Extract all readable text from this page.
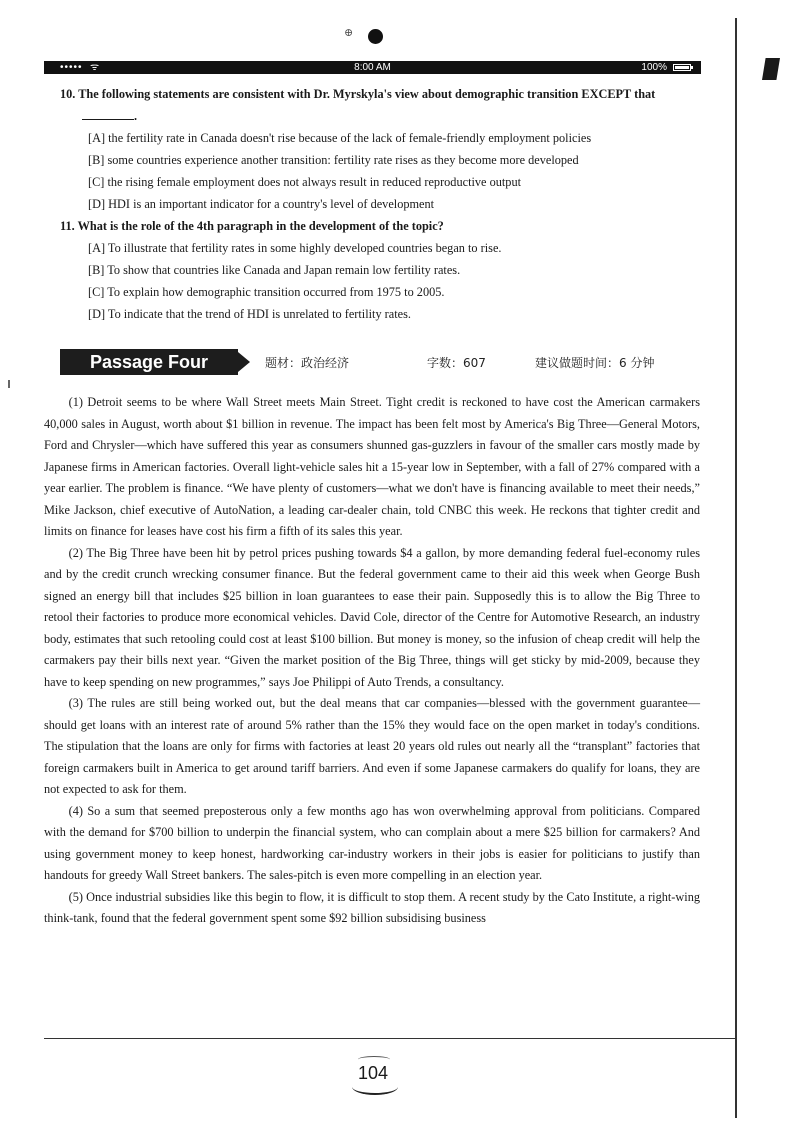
⊕
••••• ᯤ	8:00 AM	100%
10. The following statements are consistent with Dr. Myrskyla's view about demographic transition EXCEPT that .
[A] the fertility rate in Canada doesn't rise because of the lack of female-friendly employment policies
[B] some countries experience another transition: fertility rate rises as they become more developed
[C] the rising female employment does not always result in reduced reproductive output
[D] HDI is an important indicator for a country's level of development
11. What is the role of the 4th paragraph in the development of the topic?
[A] To illustrate that fertility rates in some highly developed countries began to rise.
[B] To show that countries like Canada and Japan remain low fertility rates.
[C] To explain how demographic transition occurred from 1975 to 2005.
[D] To indicate that the trend of HDI is unrelated to fertility rates.
Passage Four	题材：政治经济	字数：607	建议做题时间：6 分钟

(1) Detroit seems to be where Wall Street meets Main Street. Tight credit is reckoned to have cost the American carmakers 40,000 sales in August, worth about $1 billion in revenue. The impact has been felt most by America's Big Three—General Motors, Ford and Chrysler—which have suffered this year as consumers shunned gas-guzzlers in favour of the smaller cars mostly made by Japanese firms in American factories. Overall light-vehicle sales hit a 15-year low in September, with a fall of 27% compared with a year earlier. The problem is finance. “We have plenty of customers—what we don't have is financing available to meet their needs,” Mike Jackson, chief executive of AutoNation, a leading car-dealer chain, told CNBC this week. He reckons that tighter credit and limits on finance for leases have cost his firm a fifth of its sales this year.

(2) The Big Three have been hit by petrol prices pushing towards $4 a gallon, by more demanding federal fuel-economy rules and by the credit crunch wrecking consumer finance. But the federal government came to their aid this week when George Bush signed an energy bill that includes $25 billion in loan guarantees to ease their pain. Supposedly this is to allow the Big Three to retool their factories to produce more economical vehicles. David Cole, director of the Centre for Automotive Research, an industry body, estimates that such retooling could cost at least $100 billion. But money is money, so the infusion of cheap credit will help the carmakers pay their bills next year. “Given the market position of the Big Three, things will get sticky by mid-2009, because they have to keep spending on new programmes,” says Joe Philippi of Auto Trends, a consultancy.

(3) The rules are still being worked out, but the deal means that car companies—blessed with the government guarantee—should get loans with an interest rate of around 5% rather than the 15% they would face on the open market in today's conditions. The stipulation that the loans are only for firms with factories at least 20 years old rules out nearly all the “transplant” factories that foreign carmakers built in America to get around tariff barriers. And even if some Japanese carmakers do qualify for loans, they are not expected to ask for them.

(4) So a sum that seemed preposterous only a few months ago has won overwhelming approval from politicians. Compared with the demand for $700 billion to underpin the financial system, who can complain about a mere $25 billion for carmakers? And using government money to keep honest, hardworking car-industry workers in their jobs is easier for politicians to justify than handouts for greedy Wall Street bankers. The sales-pitch is even more compelling in an election year.

(5) Once industrial subsidies like this begin to flow, it is difficult to stop them. A recent study by the Cato Institute, a right-wing think-tank, found that the federal government spent some $92 billion subsidising business

104
